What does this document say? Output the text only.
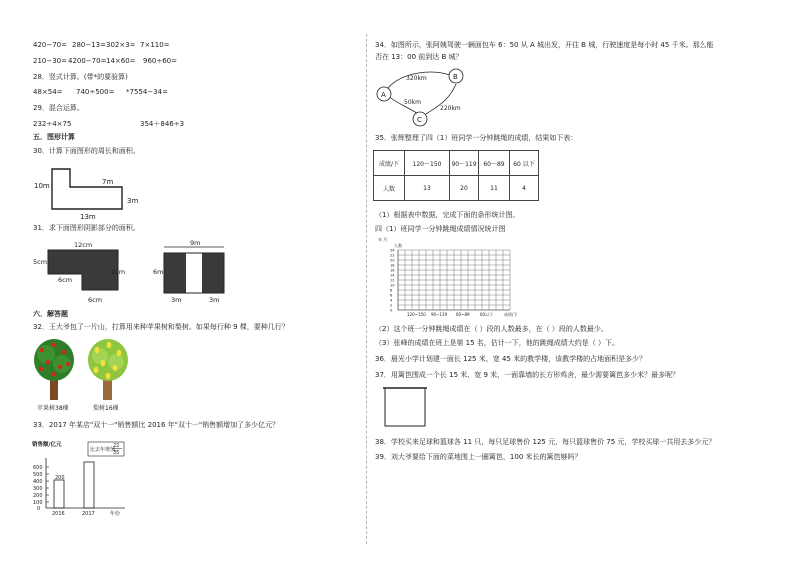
420−70= 280−13= 302×3= 7×110=
210−30= 4200−70= 14×60= 960÷60=
28．竖式计算。(带*的要验算)
48×54= 740÷500= *7554−34=
29．混合运算。
232÷4×75	354＋846÷3
五．图形计算
30．计算下面图形的周长和面积。
10m	7m
3m
13m
31．求下面图形阴影部分的面积。
12cm
5cm
9cm
6cm
6cm
9m
6m
3m	3m
六．解答题
32．王大爷包了一片山，打算用来种苹果树和梨树。如果每行种 9 棵，要种几行？
苹果树38棵	梨树16棵
33．2017 年某店"双十一"销售额比 2016 年"双十一"销售额增加了多少亿元？
销售额/亿元
600
500
400
300
200
100
0
200
比去年增加
22
35
2016	2017	年份
34．如图所示，张阿姨驾驶一辆面包车 6：50 从 A 城出发，开往 B 城，行驶速度是每小时 45 千米。那么能
否在 13：00 前到达 B 城？
A
B
C
320km
50km
220km
35．张辉整理了四（1）班同学一分钟跳绳的成绩，结果如下表：
成绩/下	120～150	90～119	60～89	60 以下
人数	13	20	11	4
（1）根据表中数据，完成下面的条形统计图。
四（1）班同学一分钟跳绳成绩情况统计图
年 月
人数
24
22
20
18
16
14
12
10
8
6
4
2
0
120~150 90~119 60~89	60以下	成绩/下
（2）这个班一分钟跳绳成绩在（ ）段的人数最多，在（ ）段的人数最少。
（3）张峰的成绩在班上是第 15 名，估计一下，他的跳绳成绩大约是（ ）下。
36．晨光小学计划建一面长 125 米，宽 45 米的教学楼，该教学楼的占地面积是多少？
37．用篱笆围成一个长 15 米、宽 9 米，一面靠墙的长方形鸡舍，最少需要篱笆多少米？最多呢？
38．学校买来足球和篮球各 11 只，每只足球售价 125 元，每只篮球售价 75 元，学校买球一共用去多少元？
39．刘大爷要给下面的菜地围上一圈篱笆，100 米长的篱笆够吗？
